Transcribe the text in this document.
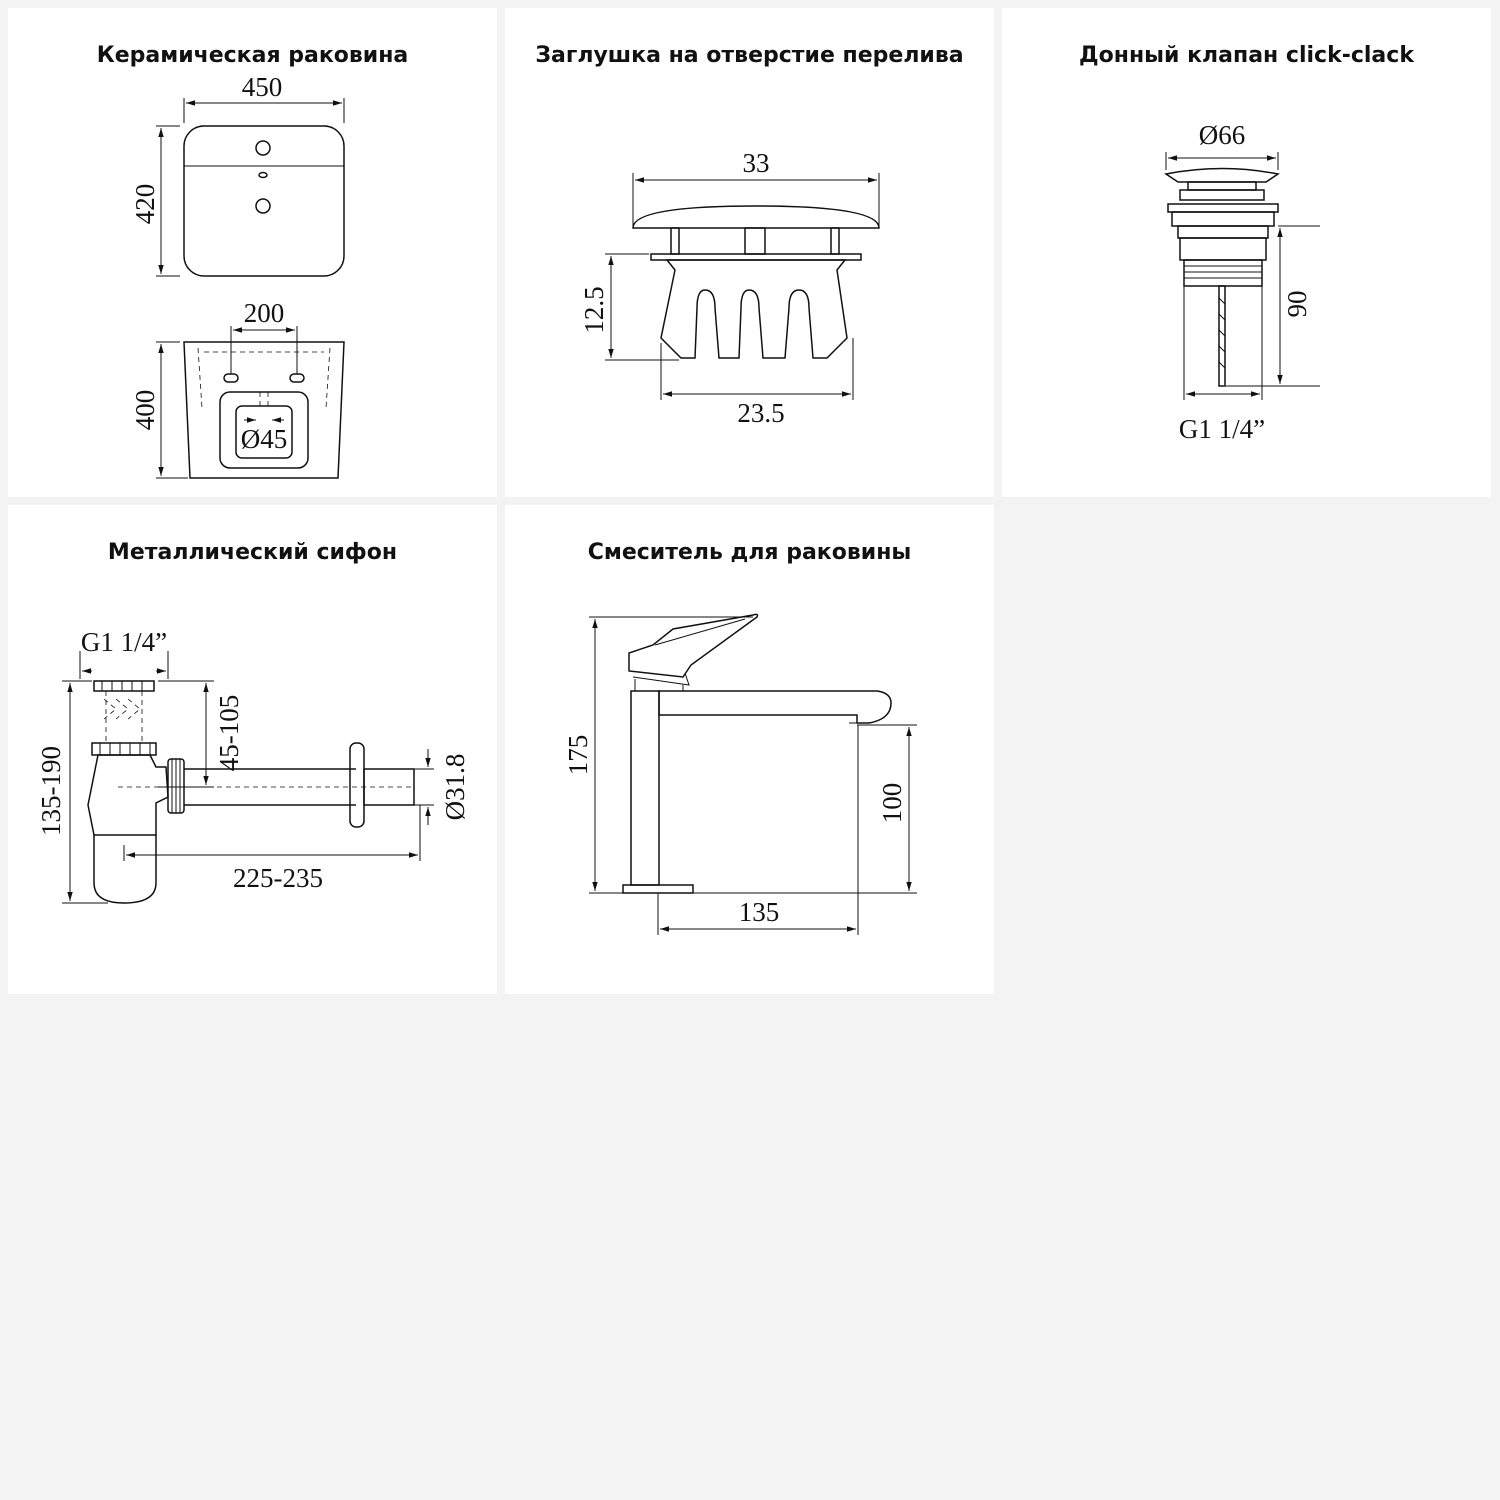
Керамическая раковина
450
420
200
400
Ø45
Заглушка на отверстие перелива
33
12.5
23.5
Донный клапан click-clack
Ø66
90
G1 1/4”
Металлический сифон
G1 1/4”
45-105
135-190	Ø31.8
225-235
Смеситель для раковины
175
100
135
